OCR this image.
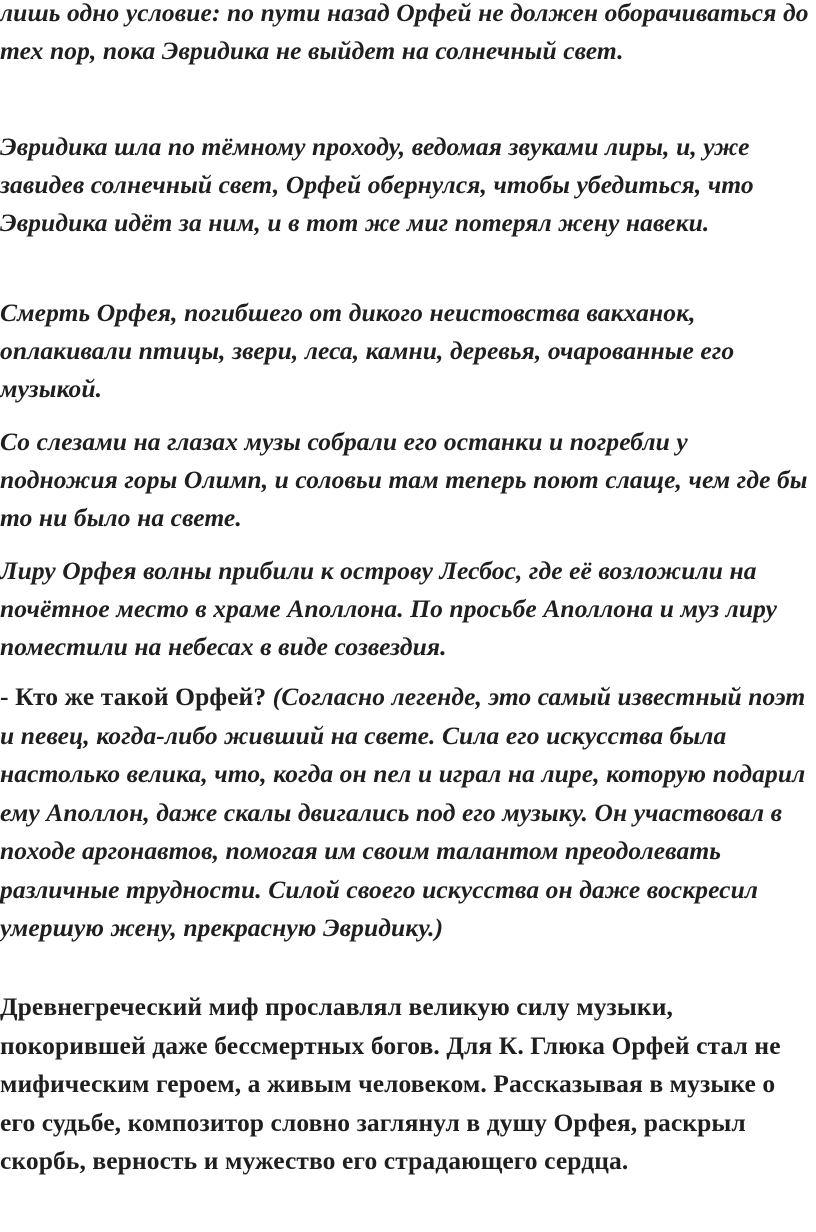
лишь одно условие: по пути назад Орфей не должен оборачиваться до тех пор, пока Эвридика не выйдет на солнечный свет.

Эвридика шла по тёмному проходу, ведомая звуками лиры, и, уже завидев солнечный свет, Орфей обернулся, чтобы убедиться, что Эвридика идёт за ним, и в тот же миг потерял жену навеки.

Смерть Орфея, погибшего от дикого неистовства вакханок, оплакивали птицы, звери, леса, камни, деревья, очарованные его музыкой.

Со слезами на глазах музы собрали его останки и погребли у подножия горы Олимп, и соловьи там теперь поют слаще, чем где бы то ни было на свете.

Лиру Орфея волны прибили к острову Лесбос, где её возложили на почётное место в храме Аполлона. По просьбе Аполлона и муз лиру поместили на небесах в виде созвездия.

- Кто же такой Орфей? (Согласно легенде, это самый известный поэт и певец, когда-либо живший на свете. Сила его искусства была настолько велика, что, когда он пел и играл на лире, которую подарил ему Аполлон, даже скалы двигались под его музыку. Он участвовал в походе аргонавтов, помогая им своим талантом преодолевать различные трудности. Силой своего искусства он даже воскресил умершую жену, прекрасную Эвридику.)

Древнегреческий миф прославлял великую силу музыки, покорившей даже бессмертных богов. Для К. Глюка Орфей стал не мифическим героем, а живым человеком. Рассказывая в музыке о его судьбе, композитор словно заглянул в душу Орфея, раскрыл скорбь, верность и мужество его страдающего сердца.
